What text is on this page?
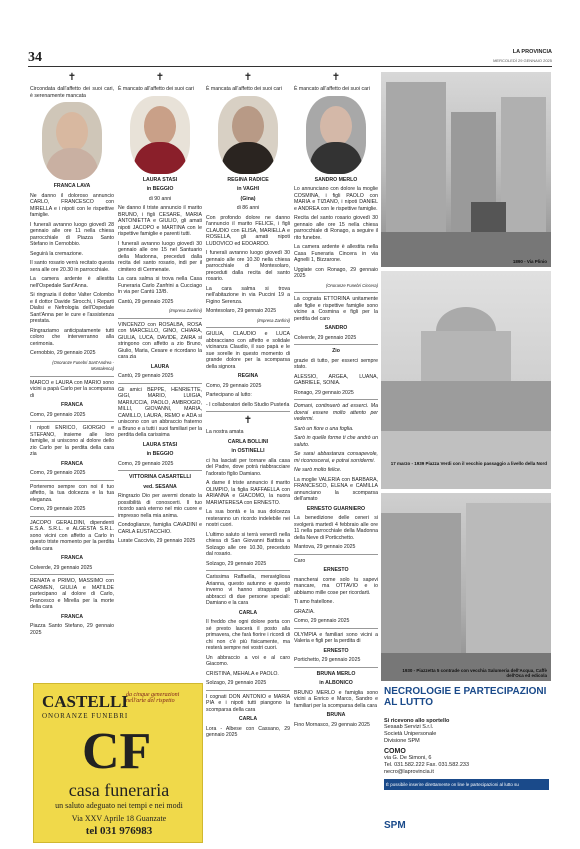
34	LA PROVINCIA
MERCOLEDÌ 29 GENNAIO 2025
✝

Circondata dall'affetto dei suoi cari, è serenamente mancata

FRANCA LAVA

Ne danno il doloroso annuncio CARLO, FRANCESCO con MIRELLA e i nipoti con le rispettive famiglie.

I funerali avranno luogo giovedì 28 gennaio alle ore 11 nella chiesa parrocchiale di Piazza Santo Stefano in Cernobbio.

Seguirà la cremazione.

Il santo rosario verrà recitato questa sera alle ore 20.30 in parrocchiale.

La camera ardente è allestita nell'Ospedale Sant'Anna.

Si ringrazia il dottor Valter Colombo e il dottor Davide Sirocchi, i Reparti Dialisi e Nefrologia dell'Ospedale Sant'Anna per le cure e l'assistenza prestata.

Ringraziamo anticipatamente tutti coloro che interverranno alla cerimonia.

Cernobbio, 29 gennaio 2025

(Onoranze Funebri Sant'Andrea - Montalenca)

MARCO e LAURA con MARIO sono vicini a papà Carlo per la scomparsa di

FRANCA

Como, 29 gennaio 2025

I nipoti ENRICO, GIORGIO e STEFANO, insieme alle loro famiglie, si uniscono al dolore dello zio Carlo per la perdita della cara zia

FRANCA

Como, 29 gennaio 2025

Porteremo sempre con noi il tuo affetto, la tua dolcezza e la tua eleganza.

Como, 29 gennaio 2025

JACOPO GERALDINI, dipendenti E.S.A. S.R.L. e ALGESTA S.R.L. sono vicini con affetto a Carlo in questo triste momento per la perdita della cara

FRANCA

Colverde, 29 gennaio 2025

RENATA e PRIMO, MASSIMO con CARMEN, GIULIA e MATILDE partecipano al dolore di Carlo, Francesco e Mirella per la morte della cara

FRANCA

Piazza Santo Stefano, 29 gennaio 2025

✝

È mancato all'affetto dei suoi cari

LAURA STASI

in BEGGIO

di 90 anni

Ne danno il triste annuncio il marito BRUNO, i figli CESARE, MARIA ANTONIETTA e GIULIO, gli amati nipoti JACOPO e MARTINA con le rispettive famiglie e parenti tutti.

I funerali avranno luogo giovedì 30 gennaio alle ore 15 nel Santuario della Madonna, preceduti dalla recita del santo rosario, indi per il cimitero di Cermenate.

La cara salma si trova nella Casa Funeraria Carlo Zanfrini a Cucciago in via per Cantù 13/B.

Cantù, 29 gennaio 2025

(Impresa Zanfrini)

VINCENZO con ROSALBA, ROSA con MARCELLO, GINO, CHIARA, GIULIA, LUCA, DAVIDE, ZAIRA si stringono con affetto a zio Bruno, Giulio, Maria, Cesare e ricordano la cara zia

LAURA

Cantù, 29 gennaio 2025

Gli amici BEPPE, HENRIETTE, GIGI, MARIO, LUIGIA, MARIUCCIA, PAOLO, AMBROGIO, MILLI, GIOVANNI, MARIA, CAMILLO, LAURA, REMO e ADA si uniscono con un abbraccio fraterno a Bruno e a tutti i suoi familiari per la perdita della carissima

LAURA STASI

in BEGGIO

Como, 29 gennaio 2025

VITTORINA CASARTELLI

ved. SESANA

Ringrazio Dio per avermi donato la possibilità di conoscerti. Il tuo ricordo sarà eterno nel mio cuore e impresso nella mia anima.

Condoglianze, famiglia CAVADINI e CARLA EUSTACCHIO.

Lurate Caccivio, 29 gennaio 2025

✝

È mancata all'affetto dei suoi cari

REGINA RADICE

in VAGHI

(Gina)

di 86 anni

Con profondo dolore ne danno l'annuncio il marito FELICE, i figli CLAUDIO con ELISA, MARIELLA e ROSELLA, gli amati nipoti LUDOVICO ed EDOARDO.

I funerali avranno luogo giovedì 30 gennaio alle ore 10.30 nella chiesa parrocchiale di Montesolaro, preceduti dalla recita del santo rosario.

La cara salma si trova nell'abitazione in via Puccini 19 a Figino Serenza.

Montesolaro, 29 gennaio 2025

(Impresa Zanfrini)

GIULIA, CLAUDIO e LUCA abbracciano con affetto e solidale vicinanza Claudio, il suo papà e le sue sorelle in questo momento di grande dolore per la scomparsa della signora

REGINA

Como, 29 gennaio 2025

Partecipano al lutto:

- I collaboratori dello Studio Pusterla

✝

La nostra amata

CARLA BOLLINI

in OSTINELLI

ci ha lasciati per tornare alla casa del Padre, dove potrà riabbracciare l'adorato figlio Damiano.

A darne il triste annuncio il marito OLIMPIO, la figlia RAFFAELLA con ARIANNA e GIACOMO, la nuora MARIATERESA con ERNESTO.

La sua bontà e la sua dolcezza resteranno un ricordo indelebile nei nostri cuori.

L'ultimo saluto si terrà venerdì nella chiesa di San Giovanni Battista a Solzago alle ore 10.30, preceduto dal rosario.

Solzago, 29 gennaio 2025

Carissima Raffaella, meravigliosa Arianna, questo autunno e questo inverno vi hanno strappato gli abbracci di due persone speciali: Damiano e la cara

CARLA

Il freddo che ogni dolore porta con sé presto lascerà il posto alla primavera, che farà fiorire i ricordi di chi non c'è più fisicamente, ma resterà sempre nei vostri cuori.

Un abbraccio a voi e al caro Giacomo.

CRISTINA, MEHALA e PAOLO.

Solzago, 29 gennaio 2025

I cognati DON ANTONIO e MARIA PIA e i nipoti tutti piangono la scomparsa della cara

CARLA

Lora - Albese con Cassano, 29 gennaio 2025

✝

È mancato all'affetto dei suoi cari

SANDRO MERLO

Lo annunciano con dolore la moglie COSMINA, i figli PAOLO con MARIA e TIZIANO, i nipoti DANIEL e ANDREA con le rispettive famiglie.

Recita del santo rosario giovedì 30 gennaio alle ore 15 nella chiesa parrocchiale di Ronago, a seguire il rito funebre.

La camera ardente è allestita nella Casa Funeraria Cincera in via Agnelli 1, Bizzarone.

Uggiate con Ronago, 29 gennaio 2025

(Onoranze Funebri Cincera)

La cognata ETTORINA unitamente alle figlie e rispettive famiglie sono vicine a Cosmina e figli per la perdita del caro

SANDRO

Colverde, 29 gennaio 2025

Zio

grazie di tutto, per esserci sempre stato.

ALESSIO, ARGEA, LUANA, GABRIELE, SONIA.

Ronago, 29 gennaio 2025

Domani, continuerò ad esserci. Ma dovrai essere molto attento per vedermi.

Sarò un fiore o una foglia.

Sarò in quelle forme ti che andrò un saluto.

Se sarai abbastanza consapevole, mi riconoscerai, e potrai sorridermi.

Ne sarò molto felice.

La moglie VALERIA con BARBARA, FRANCESCO, ELENA e CAMILLA annunciano la scomparsa dell'amato

ERNESTO GUARNIERO

La benedizione delle ceneri si svolgerà martedì 4 febbraio alle ore 11 nella parrocchiale della Madonna della Neve di Porticchetto.

Mantova, 29 gennaio 2025

Caro

ERNESTO

mancherai come solo tu sapevi mancare, ma OTTAVIO e io abbiamo mille cose per ricordarti.

Ti amo fratellone.

GRAZIA.

Como, 29 gennaio 2025

OLYMPIA e familiari sono vicini a Valeria e figli per la perdita di

ERNESTO

Portichetto, 29 gennaio 2025

BRUNA MERLO

in ALBONICO

BRUNO MERLO e famiglia sono vicini a Enrico e Marco, Sandro e familiari per la scomparsa della cara

BRUNA

Fino Mornasco, 29 gennaio 2025

CASTELLI
ONORANZE FUNEBRI
da cinque generazioni nell'arte del rispetto
CF
casa funeraria
un saluto adeguato nei tempi e nei modi
Via XXV Aprile 18 Guanzate
tel 031 976983
1890 - Via Plinio
17 marzo - 1939 Piazza Verdi con il vecchio passaggio a livello della Nord
1930 - Piazzetta 5 contrade con vecchia Salumeria dell'Acqua, Caffè dell'Oca ed edicola
NECROLOGIE E PARTECIPAZIONI AL LUTTO
Si ricevono allo sportello
Sesaab Servizi S.r.l.
Società Unipersonale
Divisione SPM
COMO
via G. De Simoni, 6
Tel. 031.582.222 Fax. 031.582.233
necro@laprovincia.it
È possibile inserire direttamente on line le partecipazioni al lutto su
SPM
